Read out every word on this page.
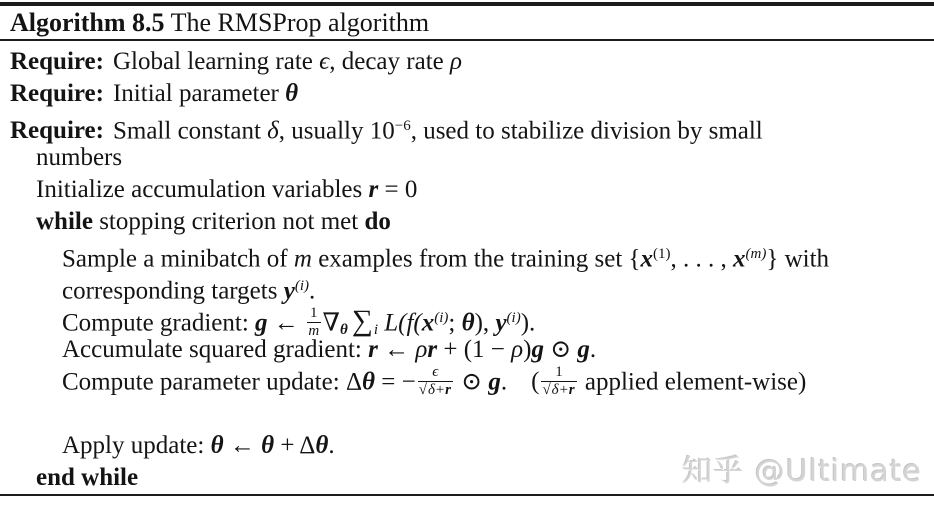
Algorithm 8.5 The RMSProp algorithm
Require: Global learning rate ϵ, decay rate ρ
Require: Initial parameter θ
Require: Small constant δ, usually $10^{-6}$, used to stabilize division by small
numbers
Initialize accumulation variables r = 0
while stopping criterion not met do
Sample a minibatch of m examples from the training set {$x^{(1)}$, . . . , $x^{(m)}$} with
corresponding targets $y^{(i)}$.
Compute gradient: g ← $\frac{1}{m} \nabla_\theta$ $\sum_i$ $L(f(x^{(i)}$; θ), $y^{(i)}$).
Accumulate squared gradient: r ← ρr + (1 − ρ)g ⊙ g.
Compute parameter update: Δθ = − $\frac{\epsilon}{√\delta+r}$ ⊙ g. ( $\frac{1}{√\delta+r}$ applied element-wise)
Apply update: θ ← θ + Δθ.
end while	知乎 @Ultimate
